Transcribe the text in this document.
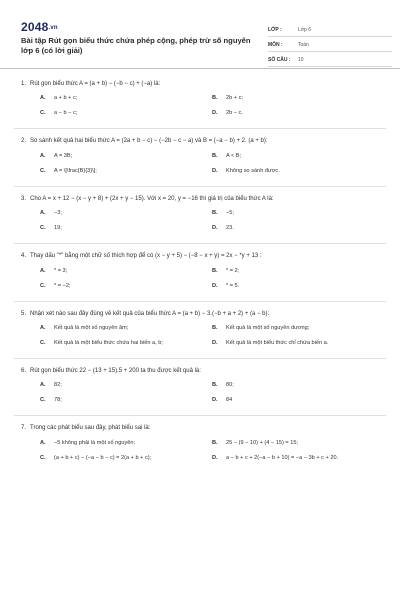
2048.vn
Bài tập Rút gọn biểu thức chứa phép cộng, phép trừ số nguyên lớp 6 (có lời giải)
LỚP :	Lớp 6
MÔN :	Toán
SỐ CÂU :	10
1. Rút gọn biểu thức A = (a + b) − (−b − c) + (−a) là:
A.	a + b + c;	B.	2b + c;
C.	a − b − c;	D.	2b − c.
2. So sánh kết quả hai biểu thức A = (2a + b − c) − (−2b − c − a) và B = (−a − b) + 2. (a + b):
A.	A = 3B;	B.	A < B;
C.	A = \[\frac{B}{3}\];	D.	Không so sánh được.
3. Cho A = x + 12 − (x − y + 8) + (2x + y − 15). Với x = 20, y = −16 thì giá trị của biểu thức A là:
A.	−3;	B.	−5;
C.	19;	D.	23.
4. Thay dấu "*" bằng một chữ số thích hợp để có (x − y + 5) − (−8 − x + y) = 2x − *y + 13 :
A.	* = 3;	B.	* = 2;
C.	* = −2;	D.	* = 5.
5. Nhận xét nào sau đây đúng về kết quả của biểu thức A = (a + b) − 3.(−b + a + 2) + (a − b):
A.	Kết quả là một số nguyên âm;	B.	Kết quả là một số nguyên dương;
C.	Kết quả là một biểu thức chứa hai biến a, b;	D.	Kết quả là một biểu thức chỉ chứa biến a.
6. Rút gọn biểu thức 22 − (13 + 15).5 + 200 ta thu được kết quả là:
A.	82;	B.	80;
C.	78;	D.	84
7. Trong các phát biểu sau đây, phát biểu sai là:
A.	−5 không phải là một số nguyên;	B.	25 − (9 − 10) + (4 − 15) = 15;
C.	(a + b + c) − (−a − b − c) = 2(a + b + c);	D.	a − b + c + 2(−a − b + 10) = −a − 3b + c + 20.
